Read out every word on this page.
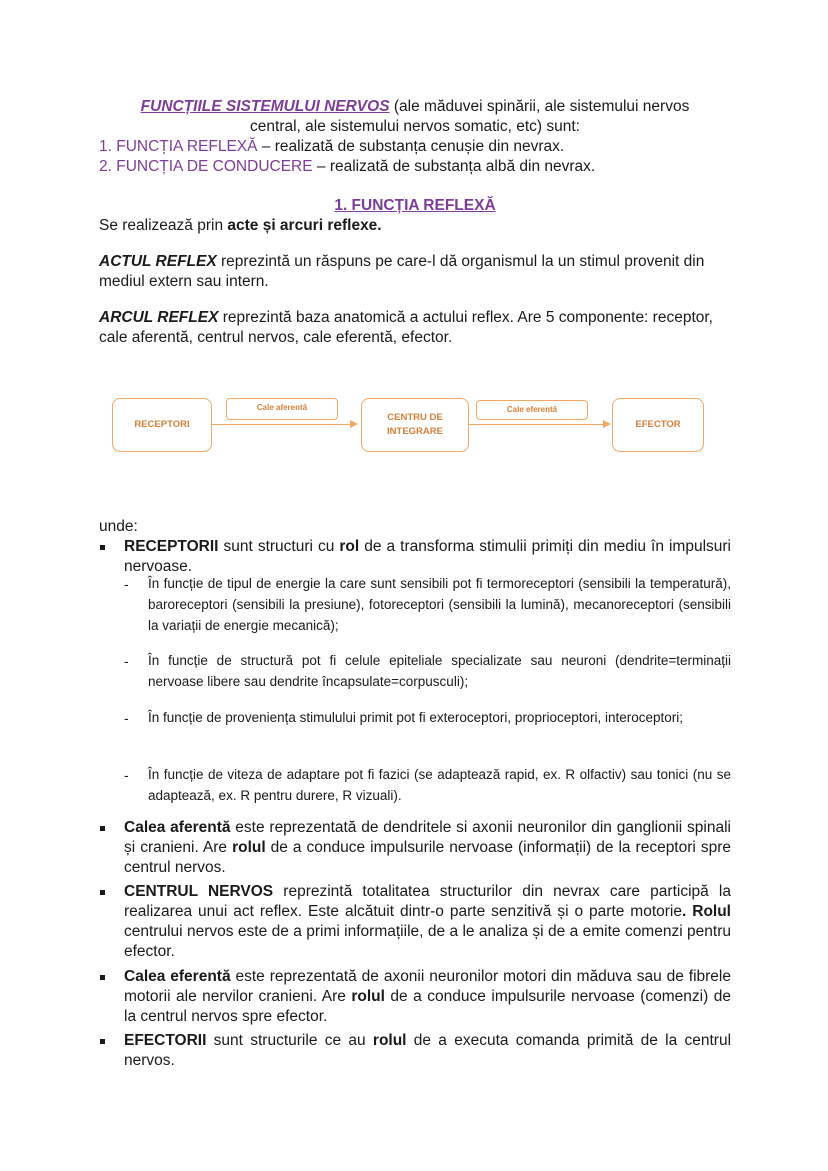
FUNCȚIILE SISTEMULUI NERVOS (ale măduvei spinării, ale sistemului nervos
central, ale sistemului nervos somatic, etc) sunt:
1. FUNCȚIA REFLEXĂ – realizată de substanța cenușie din nevrax.
2. FUNCȚIA DE CONDUCERE – realizată de substanța albă din nevrax.
1. FUNCȚIA REFLEXĂ
Se realizează prin acte și arcuri reflexe.
ACTUL REFLEX reprezintă un răspuns pe care-l dă organismul la un stimul provenit din mediul extern sau intern.
ARCUL REFLEX reprezintă baza anatomică a actului reflex. Are 5 componente: receptor, cale aferentă, centrul nervos, cale eferentă, efector.
RECEPTORI
Cale aferentă
CENTRU DE
INTEGRARE
Cale eferentă
EFECTOR
unde:
RECEPTORII sunt structuri cu rol de a transforma stimulii primiți din mediu în impulsuri nervoase.
- În funcție de tipul de energie la care sunt sensibili pot fi termoreceptori (sensibili la temperatură), baroreceptori (sensibili la presiune), fotoreceptori (sensibili la lumină), mecanoreceptori (sensibili la variații de energie mecanică);
- În funcție de structură pot fi celule epiteliale specializate sau neuroni (dendrite=terminații nervoase libere sau dendrite încapsulate=corpusculi);
- În funcție de proveniența stimulului primit pot fi exteroceptori, proprioceptori, interoceptori;
- În funcție de viteza de adaptare pot fi fazici (se adaptează rapid, ex. R olfactiv) sau tonici (nu se adaptează, ex. R pentru durere, R vizuali).
Calea aferentă este reprezentată de dendritele si axonii neuronilor din ganglionii spinali și cranieni. Are rolul de a conduce impulsurile nervoase (informații) de la receptori spre centrul nervos.
CENTRUL NERVOS reprezintă totalitatea structurilor din nevrax care participă la realizarea unui act reflex. Este alcătuit dintr-o parte senzitivă și o parte motorie. Rolul centrului nervos este de a primi informațiile, de a le analiza și de a emite comenzi pentru efector.
Calea eferentă este reprezentată de axonii neuronilor motori din măduva sau de fibrele motorii ale nervilor cranieni. Are rolul de a conduce impulsurile nervoase (comenzi) de la centrul nervos spre efector.
EFECTORII sunt structurile ce au rolul de a executa comanda primită de la centrul nervos.
